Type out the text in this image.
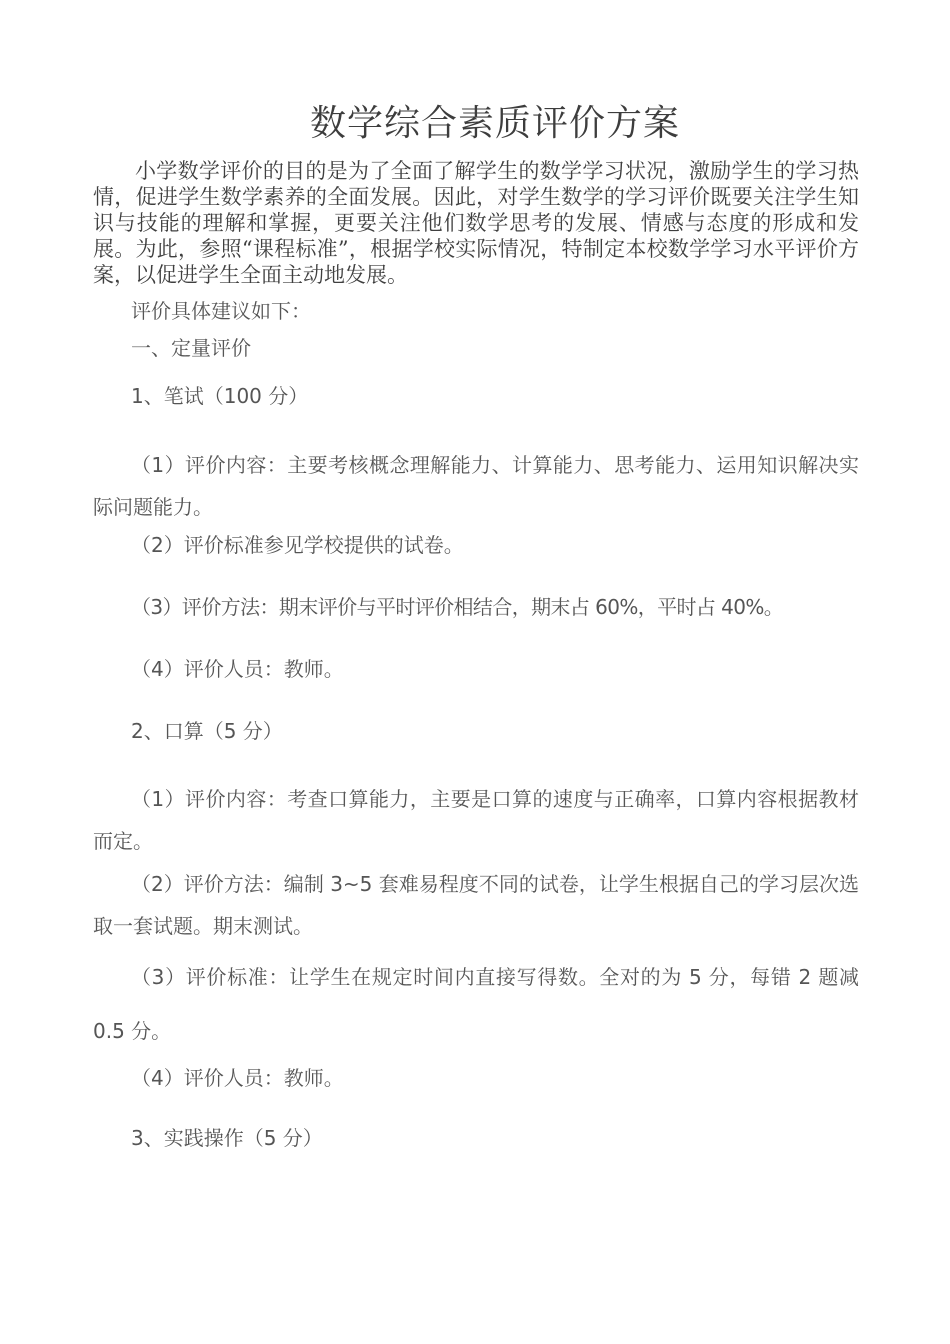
数学综合素质评价方案

小学数学评价的目的是为了全面了解学生的数学学习状况，激励学生的学习热情，促进学生数学素养的全面发展。因此，对学生数学的学习评价既要关注学生知识与技能的理解和掌握，更要关注他们数学思考的发展、情感与态度的形成和发展。为此，参照“课程标准”，根据学校实际情况，特制定本校数学学习水平评价方案，以促进学生全面主动地发展。

评价具体建议如下：

一、定量评价

1、笔试（100 分）

（1）评价内容：主要考核概念理解能力、计算能力、思考能力、运用知识解决实际问题能力。

（2）评价标准参见学校提供的试卷。

（3）评价方法：期末评价与平时评价相结合，期末占 60%，平时占 40%。

（4）评价人员：教师。

2、口算（5 分）

（1）评价内容：考查口算能力，主要是口算的速度与正确率，口算内容根据教材而定。

（2）评价方法：编制 3~5 套难易程度不同的试卷，让学生根据自己的学习层次选取一套试题。期末测试。

（3）评价标准：让学生在规定时间内直接写得数。全对的为 5 分，每错 2 题减 0.5 分。

（4）评价人员：教师。

3、实践操作（5 分）
